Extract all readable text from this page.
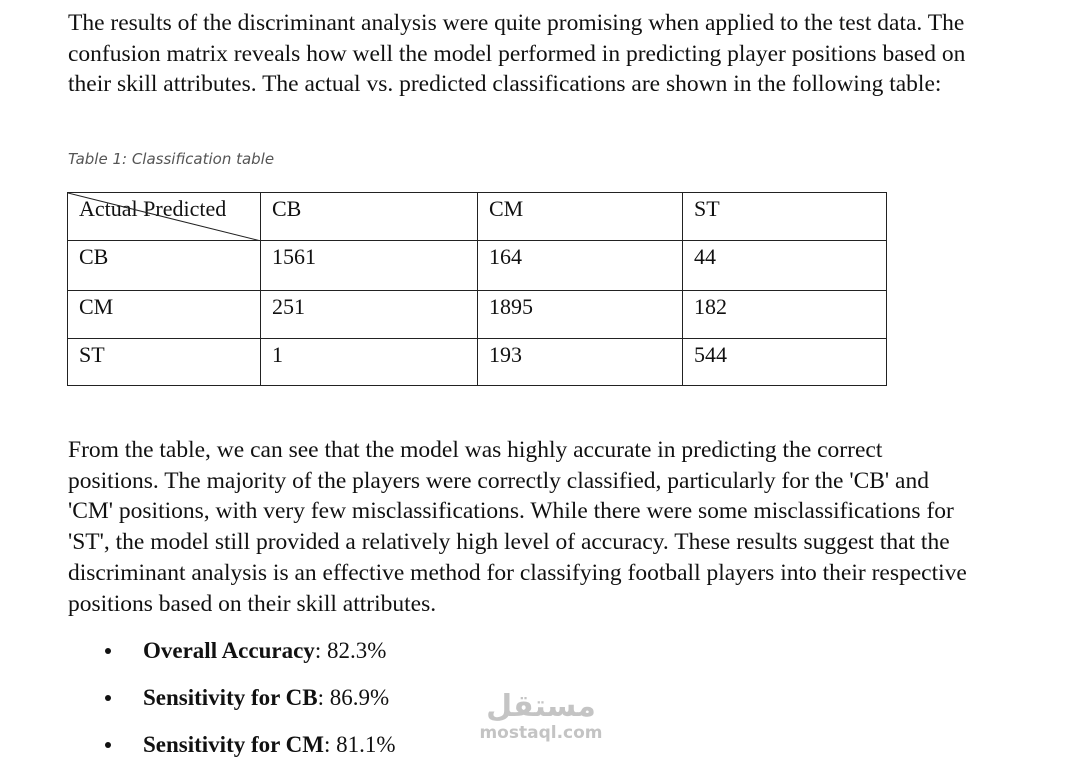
The results of the discriminant analysis were quite promising when applied to the test data. The confusion matrix reveals how well the model performed in predicting player positions based on their skill attributes. The actual vs. predicted classifications are shown in the following table:

Table 1: Classification table
Actual Predicted	CB	CM	ST
CB	1561	164	44
CM	251	1895	182
ST	1	193	544

From the table, we can see that the model was highly accurate in predicting the correct positions. The majority of the players were correctly classified, particularly for the 'CB' and 'CM' positions, with very few misclassifications. While there were some misclassifications for 'ST', the model still provided a relatively high level of accuracy. These results suggest that the discriminant analysis is an effective method for classifying football players into their respective positions based on their skill attributes.

Overall Accuracy: 82.3%
Sensitivity for CB: 86.9%
Sensitivity for CM: 81.1%
مستقل
mostaql.com
